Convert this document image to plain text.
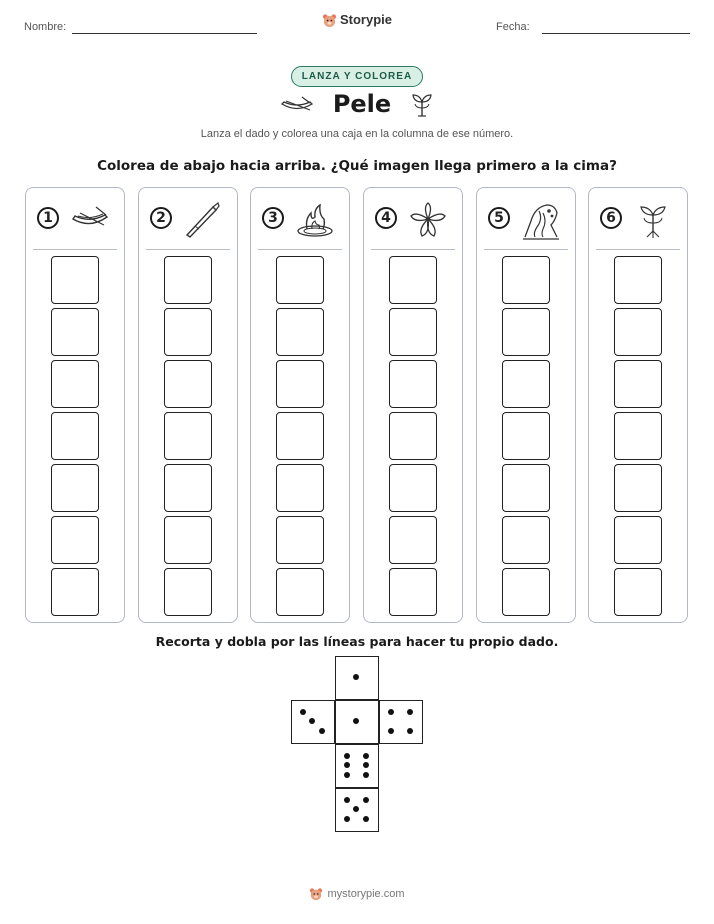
Nombre:	Storypie	Fecha:
LANZA Y COLOREA
Pele
Lanza el dado y colorea una caja en la columna de ese número.
Colorea de abajo hacia arriba. ¿Qué imagen llega primero a la cima?
1	2	3	4	5	6
Recorta y dobla por las líneas para hacer tu propio dado.
mystorypie.com
